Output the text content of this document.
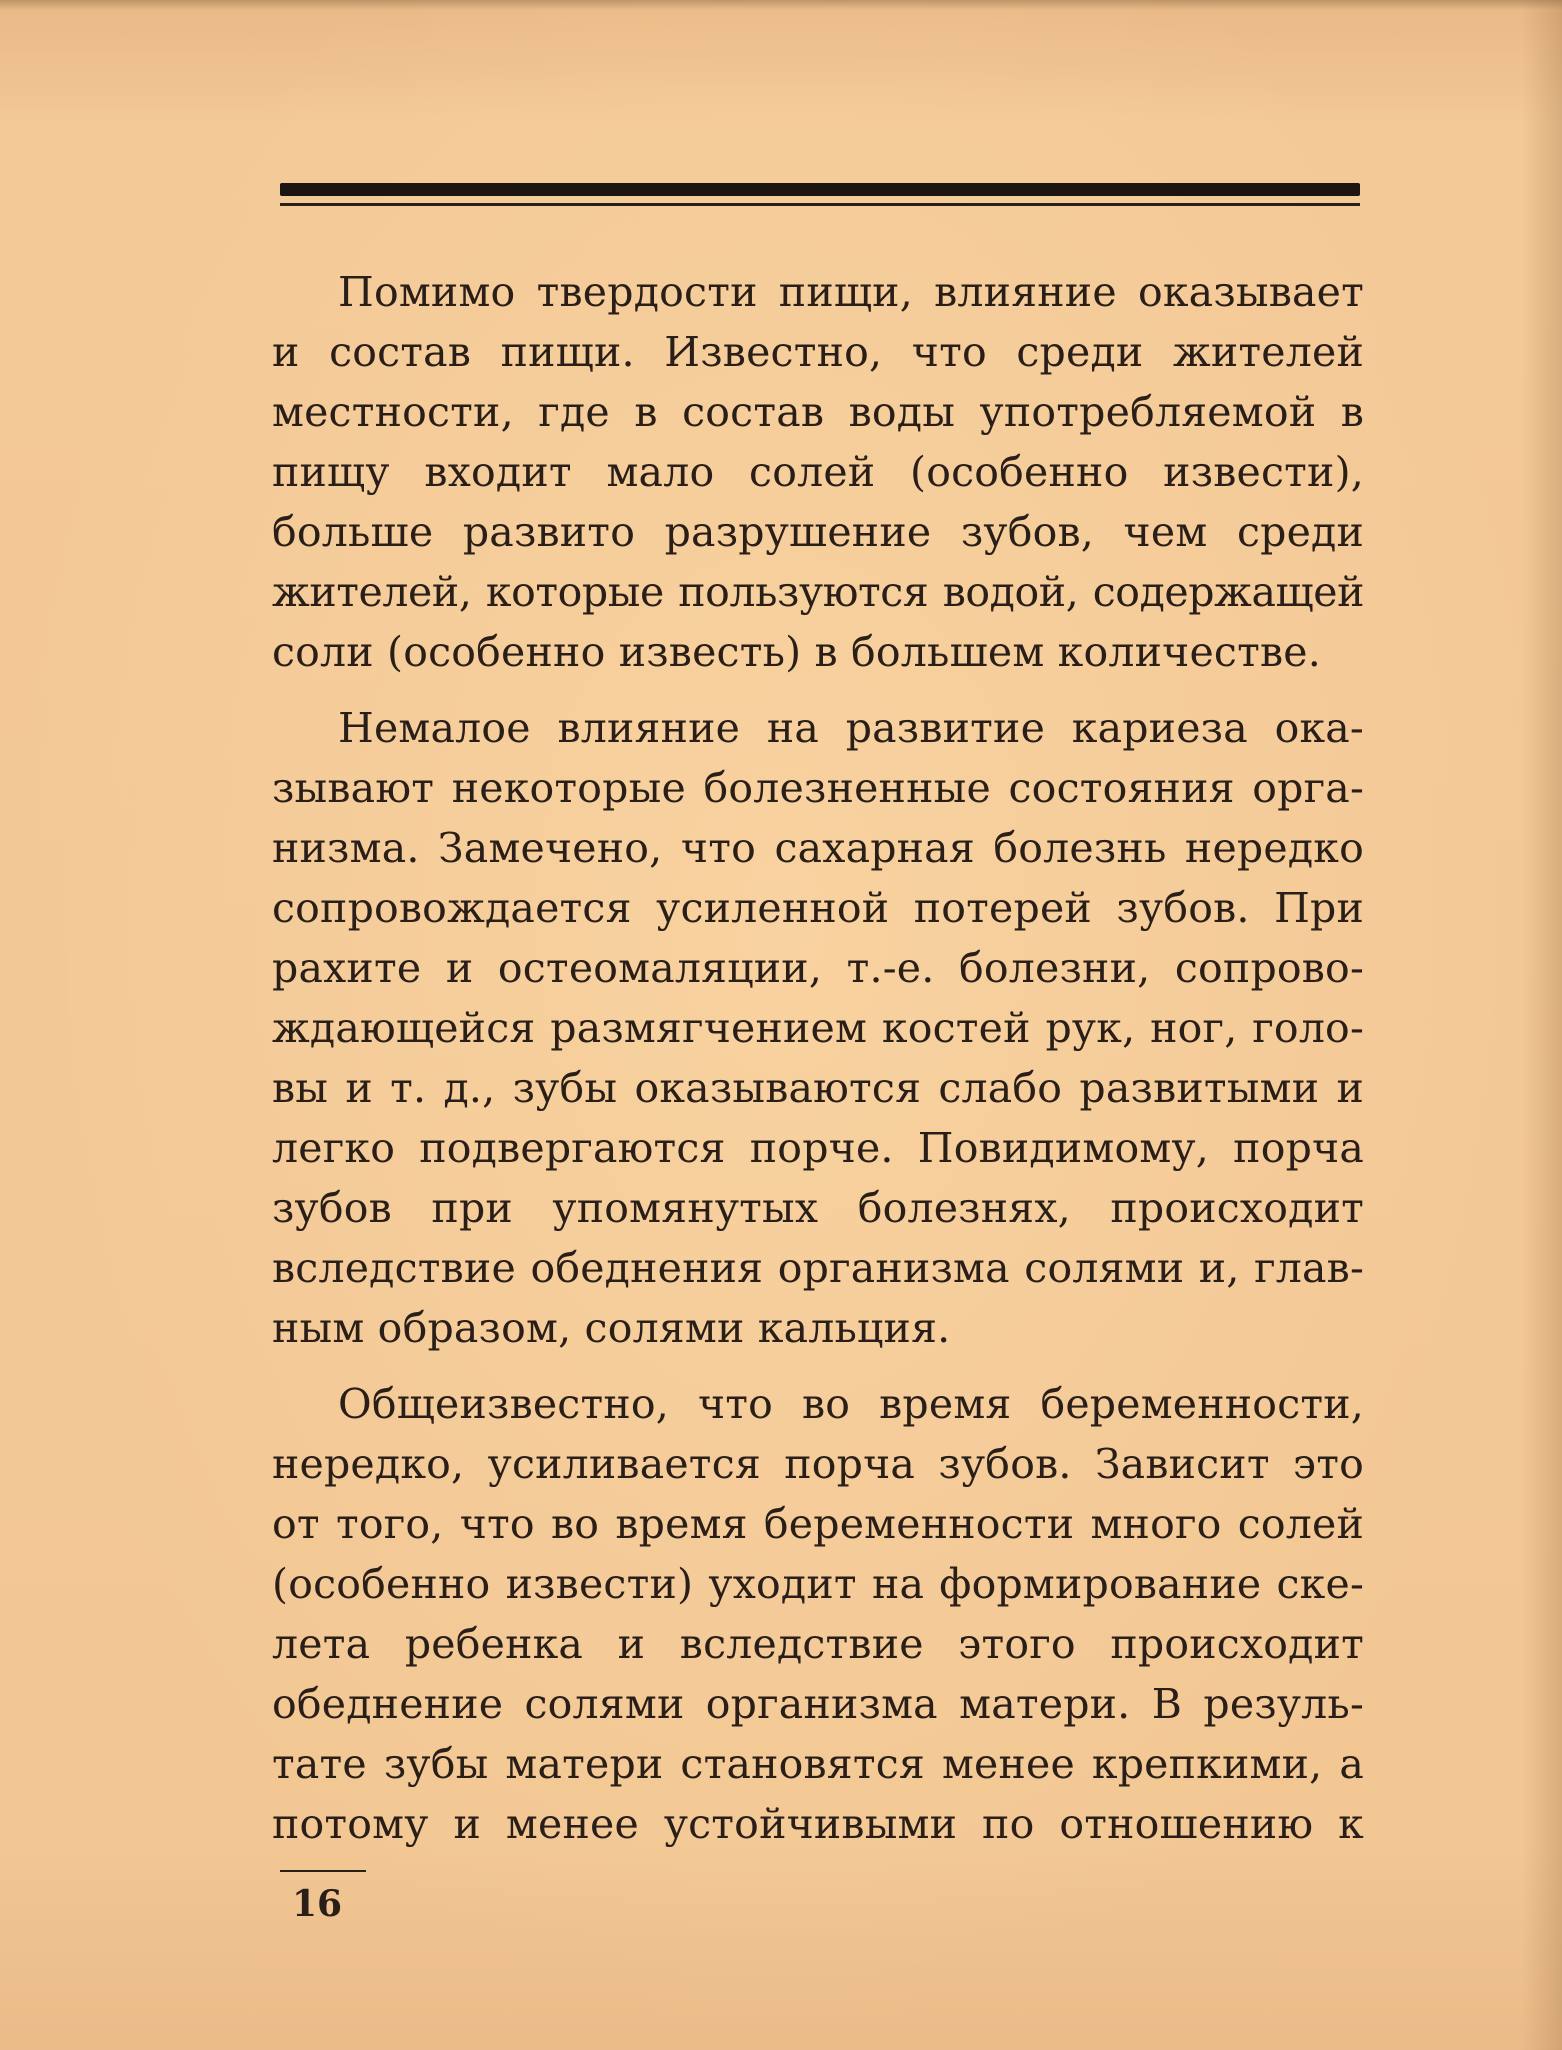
Помимо твердости пищи, влияние оказывает
и состав пищи. Известно, что среди жителей
местности, где в состав воды употребляемой в
пищу входит мало солей (особенно извести),
больше развито разрушение зубов, чем среди
жителей, которые пользуются водой, содержащей
соли (особенно известь) в большем количестве.

Немалое влияние на развитие кариеза ока-
зывают некоторые болезненные состояния орга-
низма. Замечено, что сахарная болезнь нередко
сопровождается усиленной потерей зубов. При
рахите и остеомаляции, т.-е. болезни, сопрово-
ждающейся размягчением костей рук, ног, голо-
вы и т. д., зубы оказываются слабо развитыми и
легко подвергаются порче. Повидимому, порча
зубов при упомянутых болезнях, происходит
вследствие обеднения организма солями и, глав-
ным образом, солями кальция.

Общеизвестно, что во время беременности,
нередко, усиливается порча зубов. Зависит это
от того, что во время беременности много солей
(особенно извести) уходит на формирование ске-
лета ребенка и вследствие этого происходит
обеднение солями организма матери. В резуль-
тате зубы матери становятся менее крепкими, а
потому и менее устойчивыми по отношению к

16
